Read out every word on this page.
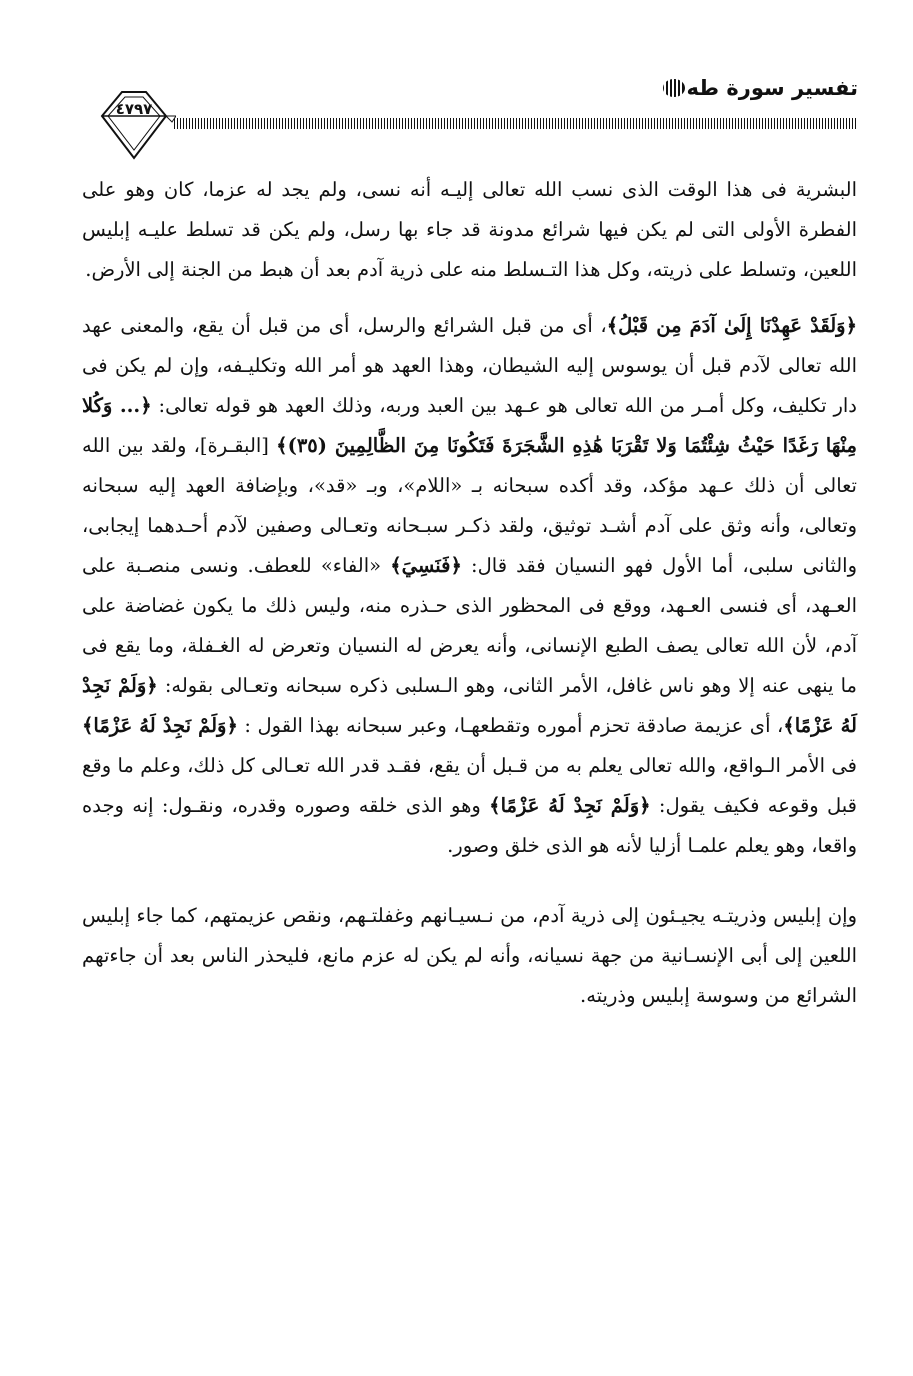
تفسير سورة طه
٤٧٩٧

البشرية فى هذا الوقت الذى نسب الله تعالى إليـه أنه نسى، ولم يجد له عزما، كان وهو على الفطرة الأولى التى لم يكن فيها شرائع مدونة قد جاء بها رسل، ولم يكن قد تسلط عليـه إبليس اللعين، وتسلط على ذريته، وكل هذا التـسلط منه على ذرية آدم بعد أن هبط من الجنة إلى الأرض.

﴿وَلَقَدْ عَهِدْنَا إِلَىٰ آدَمَ مِن قَبْلُ﴾، أى من قبل الشرائع والرسل، أى من قبل أن يقع، والمعنى عهد الله تعالى لآدم قبل أن يوسوس إليه الشيطان، وهذا العهد هو أمر الله وتكليـفه، وإن لم يكن فى دار تكليف، وكل أمـر من الله تعالى هو عـهد بين العبد وربه، وذلك العهد هو قوله تعالى: ﴿... وَكُلا مِنْهَا رَغَدًا حَيْثُ شِئْتُمَا وَلا تَقْرَبَا هَٰذِهِ الشَّجَرَةَ فَتَكُونَا مِنَ الظَّالِمِينَ (٣٥)﴾ [البقـرة]، ولقد بين الله تعالى أن ذلك عـهد مؤكد، وقد أكده سبحانه بـ «اللام»، وبـ «قد»، وبإضافة العهد إليه سبحانه وتعالى، وأنه وثق على آدم أشـد توثيق، ولقد ذكـر سبـحانه وتعـالى وصفين لآدم أحـدهما إيجابى، والثانى سلبى، أما الأول فهو النسيان فقد قال: ﴿فَنَسِيَ﴾ «الفاء» للعطف. ونسى منصـبة على العـهد، أى فنسى العـهد، ووقع فى المحظور الذى حـذره منه، وليس ذلك ما يكون غضاضة على آدم، لأن الله تعالى يصف الطبع الإنسانى، وأنه يعرض له النسيان وتعرض له الغـفلة، وما يقع فى ما ينهى عنه إلا وهو ناس غافل، الأمر الثانى، وهو الـسلبى ذكره سبحانه وتعـالى بقوله: ﴿وَلَمْ نَجِدْ لَهُ عَزْمًا﴾، أى عزيمة صادقة تحزم أموره وتقطعهـا، وعبر سبحانه بهذا القول : ﴿وَلَمْ نَجِدْ لَهُ عَزْمًا﴾ فى الأمر الـواقع، والله تعالى يعلم به من قـبل أن يقع، فقـد قدر الله تعـالى كل ذلك، وعلم ما وقع قبل وقوعه فكيف يقول: ﴿وَلَمْ نَجِدْ لَهُ عَزْمًا﴾ وهو الذى خلقه وصوره وقدره، ونقـول: إنه وجده واقعا، وهو يعلم علمـا أزليا لأنه هو الذى خلق وصور.

وإن إبليس وذريتـه يجيـئون إلى ذرية آدم، من نـسيـانهم وغفلتـهم، ونقص عزيمتهم، كما جاء إبليس اللعين إلى أبى الإنسـانية من جهة نسيانه، وأنه لم يكن له عزم مانع، فليحذر الناس بعد أن جاءتهم الشرائع من وسوسة إبليس وذريته.
